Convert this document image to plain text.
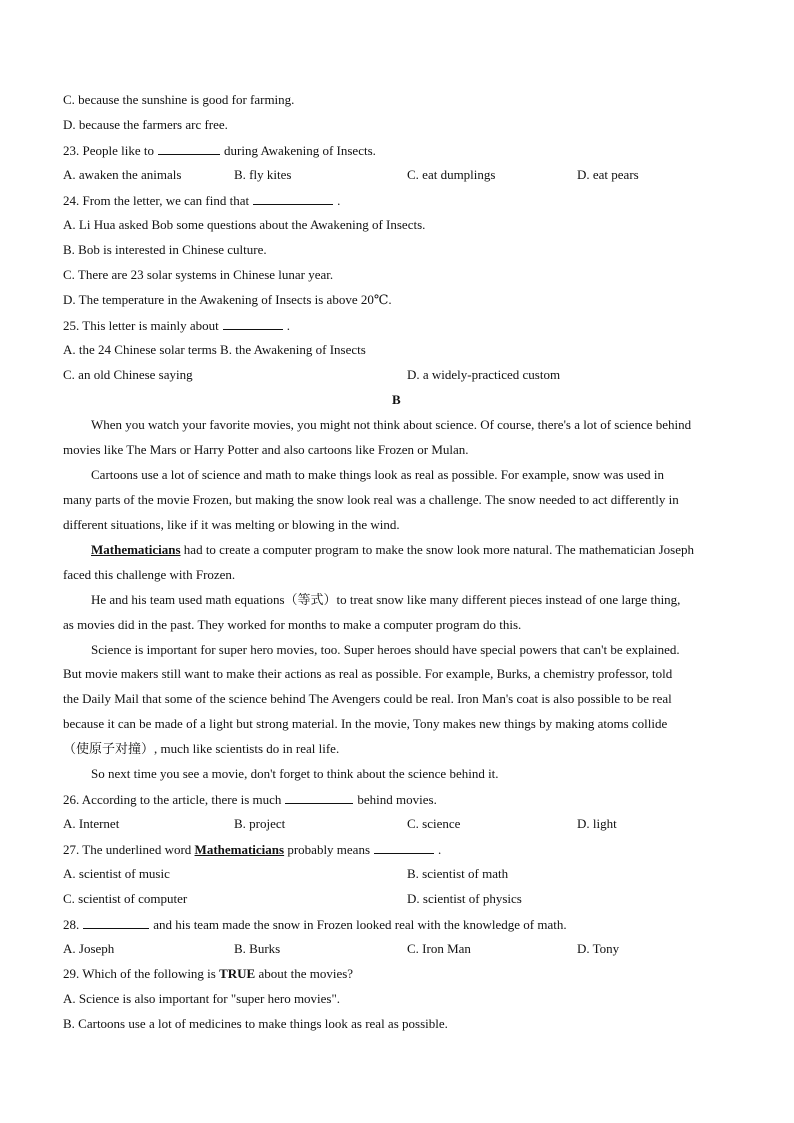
C. because the sunshine is good for farming.
D. because the farmers arc free.
23. People like to	during Awakening of Insects.
A. awaken the animals	B. fly kites	C. eat dumplings	D. eat pears
24. From the letter, we can find that	.
A. Li Hua asked Bob some questions about the Awakening of Insects.
B. Bob is interested in Chinese culture.
C. There are 23 solar systems in Chinese lunar year.
D. The temperature in the Awakening of Insects is above 20℃.
25. This letter is mainly about	.
A. the 24 Chinese solar terms B. the Awakening of Insects
C. an old Chinese saying	D. a widely-practiced custom
B
When you watch your favorite movies, you might not think about science. Of course, there's a lot of science behind
movies like The Mars or Harry Potter and also cartoons like Frozen or Mulan.
Cartoons use a lot of science and math to make things look as real as possible. For example, snow was used in
many parts of the movie Frozen, but making the snow look real was a challenge. The snow needed to act differently in
different situations, like if it was melting or blowing in the wind.
Mathematicians had to create a computer program to make the snow look more natural. The mathematician Joseph
faced this challenge with Frozen.
He and his team used math equations（等式）to treat snow like many different pieces instead of one large thing,
as movies did in the past. They worked for months to make a computer program do this.
Science is important for super hero movies, too. Super heroes should have special powers that can't be explained.
But movie makers still want to make their actions as real as possible. For example, Burks, a chemistry professor, told
the Daily Mail that some of the science behind The Avengers could be real. Iron Man's coat is also possible to be real
because it can be made of a light but strong material. In the movie, Tony makes new things by making atoms collide
（使原子对撞）, much like scientists do in real life.
So next time you see a movie, don't forget to think about the science behind it.
26. According to the article, there is much	behind movies.
A. Internet	B. project	C. science	D. light
27. The underlined word Mathematicians probably means	.
A. scientist of music	B. scientist of math
C. scientist of computer	D. scientist of physics
28.	and his team made the snow in Frozen looked real with the knowledge of math.
A. Joseph	B. Burks	C. Iron Man	D. Tony
29. Which of the following is TRUE about the movies?
A. Science is also important for "super hero movies".
B. Cartoons use a lot of medicines to make things look as real as possible.
